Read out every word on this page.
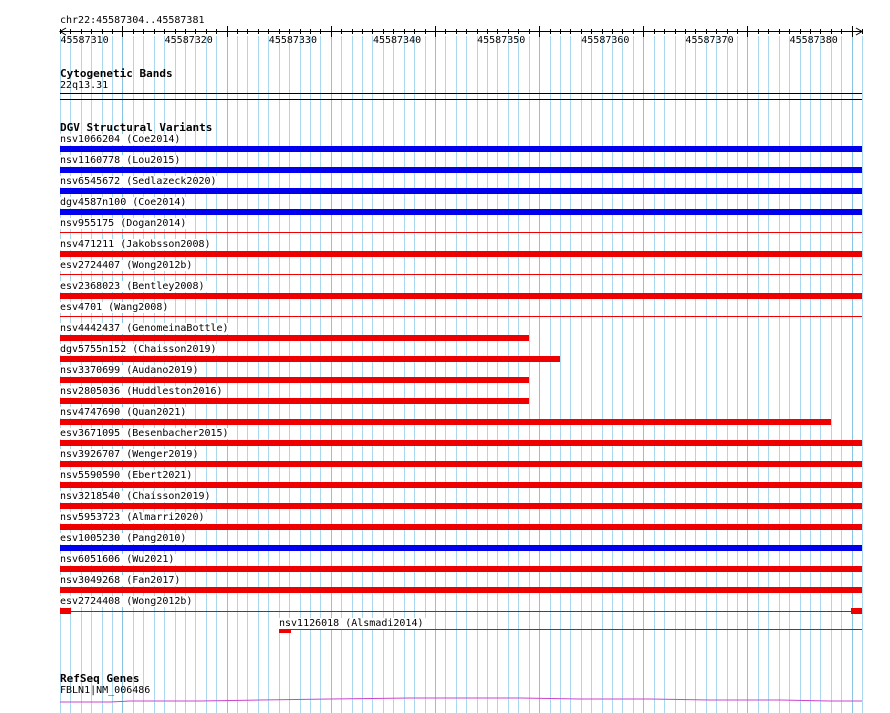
chr22:45587304..45587381
45587310	45587320	45587330	45587340	45587350	45587360	45587370	45587380
Cytogenetic Bands
22q13.31
DGV Structural Variants
nsv1066204 (Coe2014)
nsv1160778 (Lou2015)
nsv6545672 (Sedlazeck2020)
dgv4587n100 (Coe2014)
nsv955175 (Dogan2014)
nsv471211 (Jakobsson2008)
esv2724407 (Wong2012b)
esv2368023 (Bentley2008)
esv4701 (Wang2008)
nsv4442437 (GenomeinaBottle)
dgv5755n152 (Chaisson2019)
nsv3370699 (Audano2019)
nsv2805036 (Huddleston2016)
nsv4747690 (Quan2021)
esv3671095 (Besenbacher2015)
nsv3926707 (Wenger2019)
nsv5590590 (Ebert2021)
nsv3218540 (Chaisson2019)
nsv5953723 (Almarri2020)
esv1005230 (Pang2010)
nsv6051606 (Wu2021)
nsv3049268 (Fan2017)
esv2724408 (Wong2012b)
nsv1126018 (Alsmadi2014)
RefSeq Genes
FBLN1|NM_006486
